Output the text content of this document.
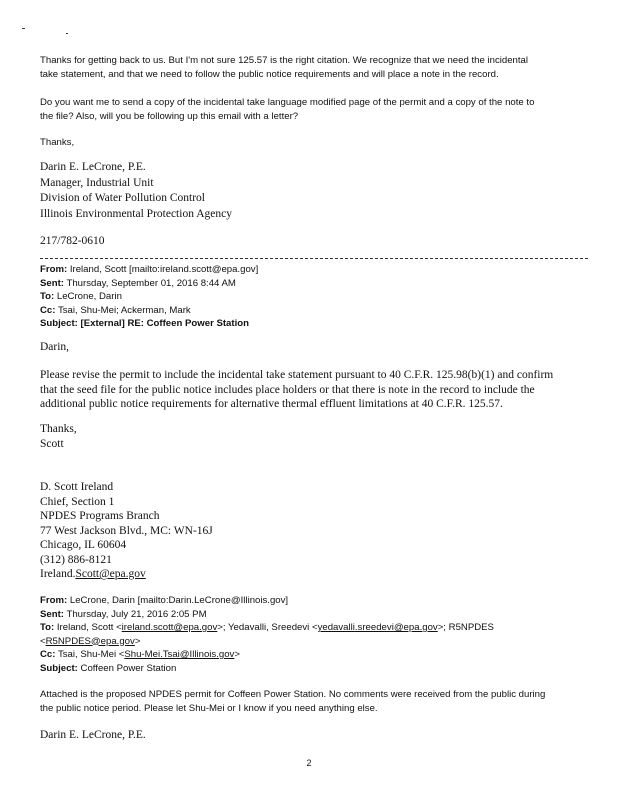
Thanks for getting back to us. But I'm not sure 125.57 is the right citation. We recognize that we need the incidental
take statement, and that we need to follow the public notice requirements and will place a note in the record.
Do you want me to send a copy of the incidental take language modified page of the permit and a copy of the note to
the file? Also, will you be following up this email with a letter?
Thanks,
Darin E. LeCrone, P.E.
Manager, Industrial Unit
Division of Water Pollution Control
Illinois Environmental Protection Agency
217/782-0610
From: Ireland, Scott [mailto:ireland.scott@epa.gov]
Sent: Thursday, September 01, 2016 8:44 AM
To: LeCrone, Darin
Cc: Tsai, Shu-Mei; Ackerman, Mark
Subject: [External] RE: Coffeen Power Station
Darin,
Please revise the permit to include the incidental take statement pursuant to 40 C.F.R. 125.98(b)(1) and confirm
that the seed file for the public notice includes place holders or that there is note in the record to include the
additional public notice requirements for alternative thermal effluent limitations at 40 C.F.R. 125.57.
Thanks,
Scott
D. Scott Ireland
Chief, Section 1
NPDES Programs Branch
77 West Jackson Blvd., MC: WN-16J
Chicago, IL 60604
(312) 886-8121
Ireland.Scott@epa.gov
From: LeCrone, Darin [mailto:Darin.LeCrone@Illinois.gov]
Sent: Thursday, July 21, 2016 2:05 PM
To: Ireland, Scott <ireland.scott@epa.gov>; Yedavalli, Sreedevi <yedavalli.sreedevi@epa.gov>; R5NPDES
<R5NPDES@epa.gov>
Cc: Tsai, Shu-Mei <Shu-Mei.Tsai@Illinois.gov>
Subject: Coffeen Power Station
Attached is the proposed NPDES permit for Coffeen Power Station. No comments were received from the public during
the public notice period. Please let Shu-Mei or I know if you need anything else.
Darin E. LeCrone, P.E.
2
